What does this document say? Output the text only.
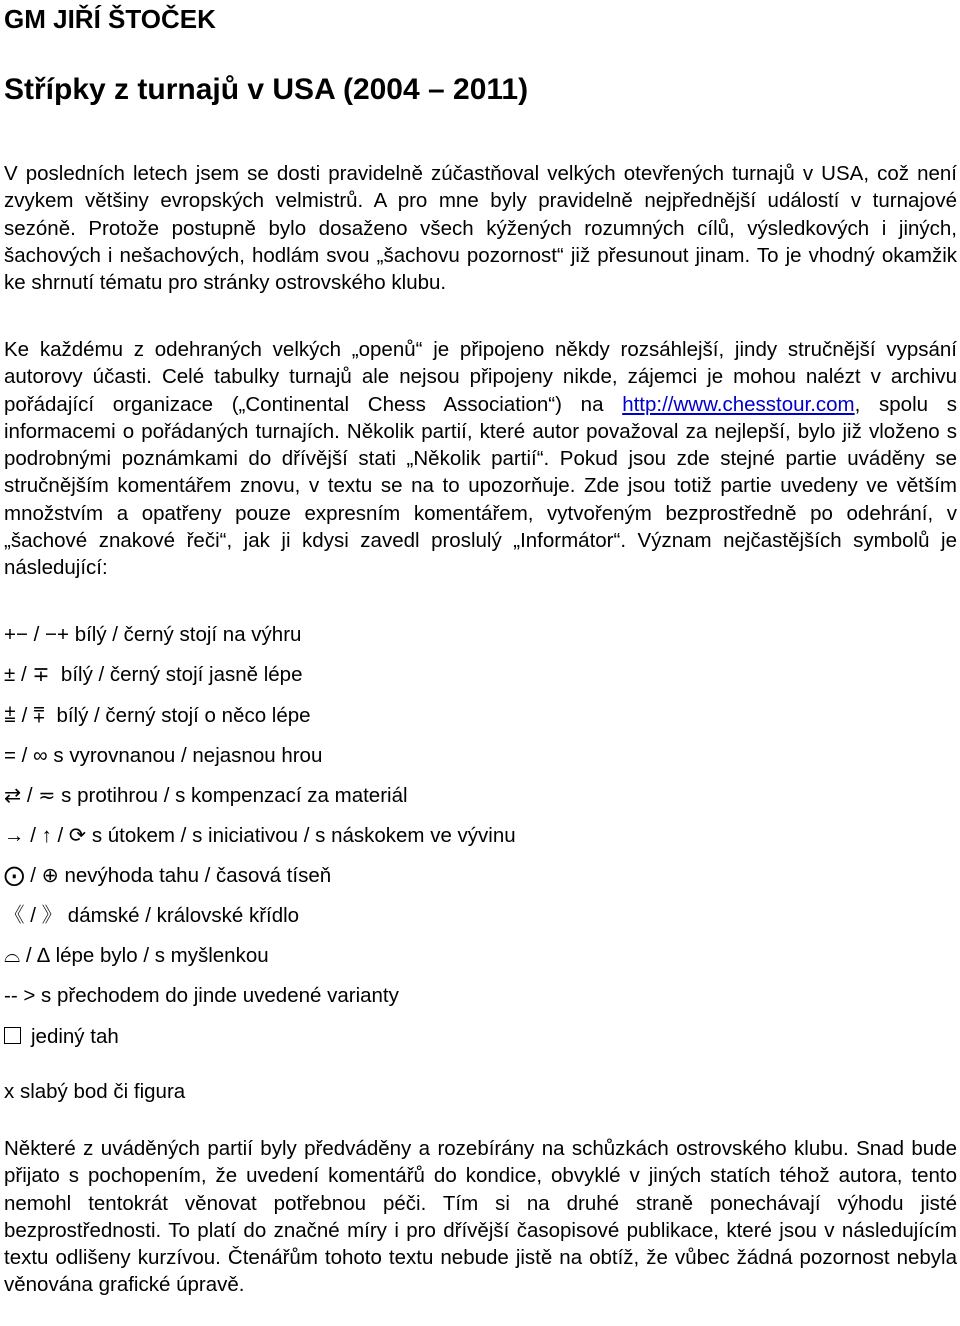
GM JIŘÍ ŠTOČEK
Střípky z turnajů v USA (2004 – 2011)

V posledních letech jsem se dosti pravidelně zúčastňoval velkých otevřených turnajů v USA, což není zvykem většiny evropských velmistrů. A pro mne byly pravidelně nejpřednější událostí v turnajové sezóně. Protože postupně bylo dosaženo všech kýžených rozumných cílů, výsledkových i jiných, šachových i nešachových, hodlám svou „šachovu pozornost“ již přesunout jinam. To je vhodný okamžik ke shrnutí tématu pro stránky ostrovského klubu.

Ke každému z odehraných velkých „openů“ je připojeno někdy rozsáhlejší, jindy stručnější vypsání autorovy účasti. Celé tabulky turnajů ale nejsou připojeny nikde, zájemci je mohou nalézt v archivu pořádající organizace („Continental Chess Association“) na http://www.chesstour.com, spolu s informacemi o pořádaných turnajích. Několik partií, které autor považoval za nejlepší, bylo již vloženo s podrobnými poznámkami do dřívější stati „Několik partií“. Pokud jsou zde stejné partie uváděny se stručnějším komentářem znovu, v textu se na to upozorňuje. Zde jsou totiž partie uvedeny ve větším množstvím a opatřeny pouze expresním komentářem, vytvořeným bezprostředně po odehrání, v „šachové znakové řeči“, jak ji kdysi zavedl proslulý „Informátor“. Význam nejčastějších symbolů je následující:

+− / −+ bílý / černý stojí na výhru
± / ∓ bílý / černý stojí jasně lépe
⩲ / ⩱ bílý / černý stojí o něco lépe
= / ∞ s vyrovnanou / nejasnou hrou
⇄ / ≂ s protihrou / s kompenzací za materiál
→ / ↑ / ⟳ s útokem / s iniciativou / s náskokem ve vývinu
⨀ / ⊕ nevýhoda tahu / časová tíseň
《 / 》 dámské / královské křídlo
⌓ / ∆ lépe bylo / s myšlenkou
-- > s přechodem do jinde uvedené varianty
jediný tah
x slabý bod či figura

Některé z uváděných partií byly předváděny a rozebírány na schůzkách ostrovského klubu. Snad bude přijato s pochopením, že uvedení komentářů do kondice, obvyklé v jiných statích téhož autora, tento nemohl tentokrát věnovat potřebnou péči. Tím si na druhé straně ponechávají výhodu jisté bezprostřednosti. To platí do značné míry i pro dřívější časopisové publikace, které jsou v následujícím textu odlišeny kurzívou. Čtenářům tohoto textu nebude jistě na obtíž, že vůbec žádná pozornost nebyla věnována grafické úpravě.
